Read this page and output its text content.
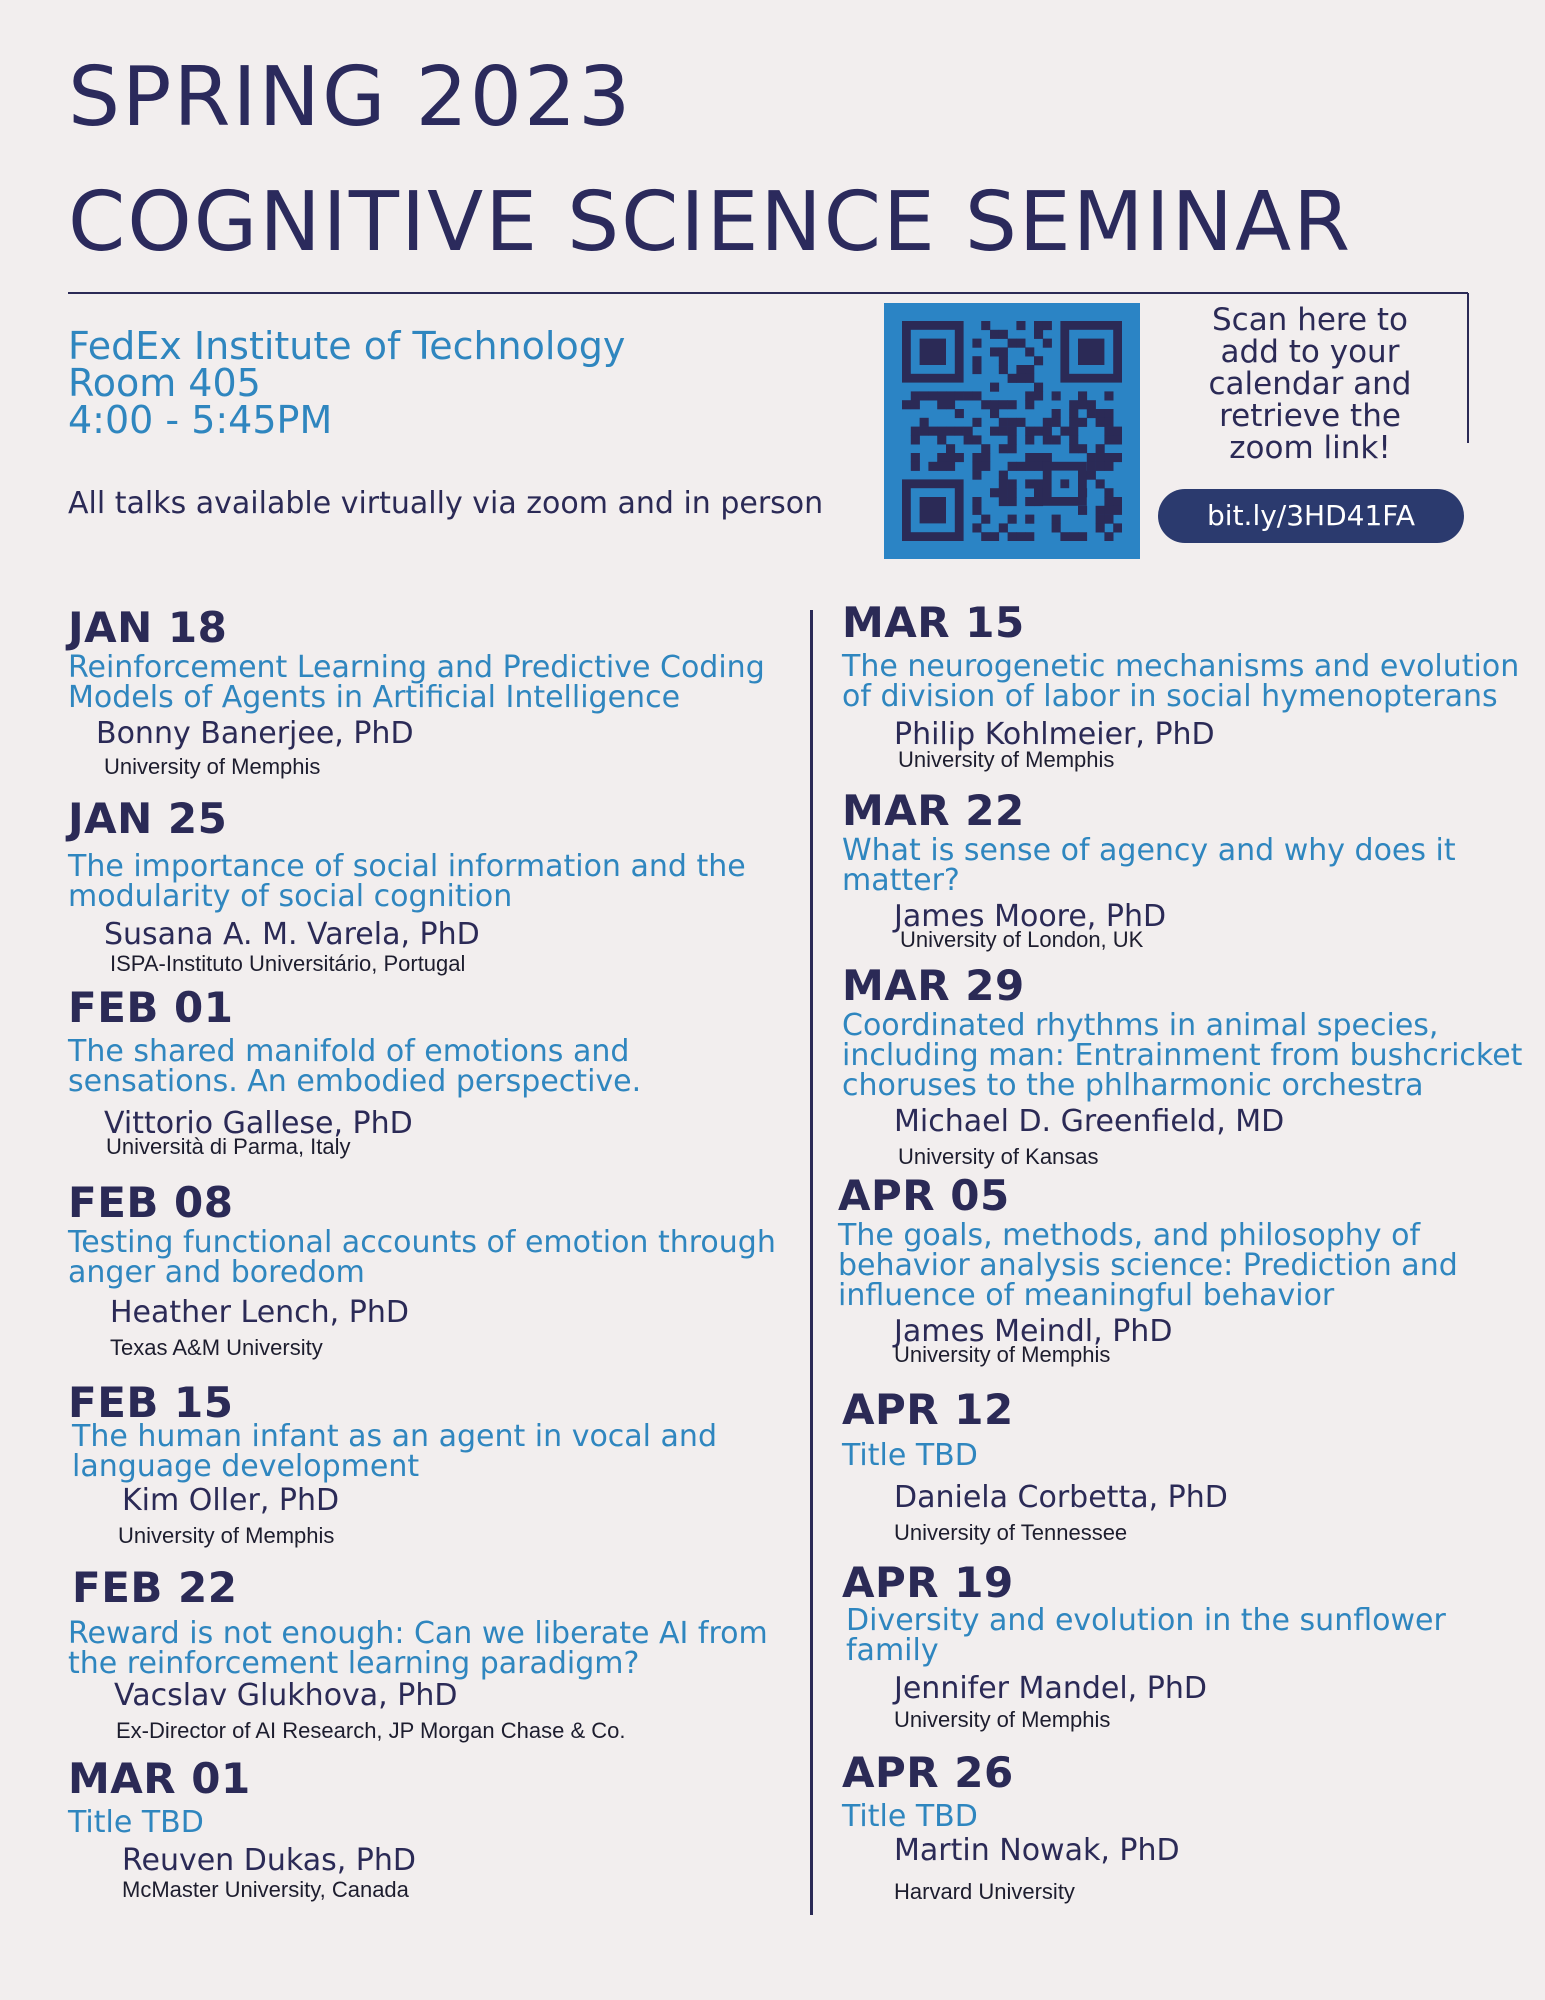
SPRING 2023
COGNITIVE SCIENCE SEMINAR
FedEx Institute of Technology
Room 405
4:00 - 5:45PM
All talks available virtually via zoom and in person
Scan here to
add to your
calendar and
retrieve the
zoom link!
bit.ly/3HD41FA
JAN 18
Reinforcement Learning and Predictive Coding Models of Agents in Artificial Intelligence
Bonny Banerjee, PhD
University of Memphis
JAN 25
The importance of social information and the modularity of social cognition
Susana A. M. Varela, PhD
ISPA-Instituto Universitário, Portugal
FEB 01
The shared manifold of emotions and sensations. An embodied perspective.
Vittorio Gallese, PhD
Università di Parma, Italy
FEB 08
Testing functional accounts of emotion through anger and boredom
Heather Lench, PhD
Texas A&M University
FEB 15
The human infant as an agent in vocal and language development
Kim Oller, PhD
University of Memphis
FEB 22
Reward is not enough: Can we liberate AI from the reinforcement learning paradigm?
Vacslav Glukhova, PhD
Ex-Director of AI Research, JP Morgan Chase & Co.
MAR 01
Title TBD
Reuven Dukas, PhD
McMaster University, Canada
MAR 15
The neurogenetic mechanisms and evolution of division of labor in social hymenopterans
Philip Kohlmeier, PhD
University of Memphis
MAR 22
What is sense of agency and why does it matter?
James Moore, PhD
University of London, UK
MAR 29
Coordinated rhythms in animal species, including man: Entrainment from bushcricket choruses to the phlharmonic orchestra
Michael D. Greenfield, MD
University of Kansas
APR 05
The goals, methods, and philosophy of behavior analysis science: Prediction and influence of meaningful behavior
James Meindl, PhD
University of Memphis
APR 12
Title TBD
Daniela Corbetta, PhD
University of Tennessee
APR 19
Diversity and evolution in the sunflower family
Jennifer Mandel, PhD
University of Memphis
APR 26
Title TBD
Martin Nowak, PhD
Harvard University
